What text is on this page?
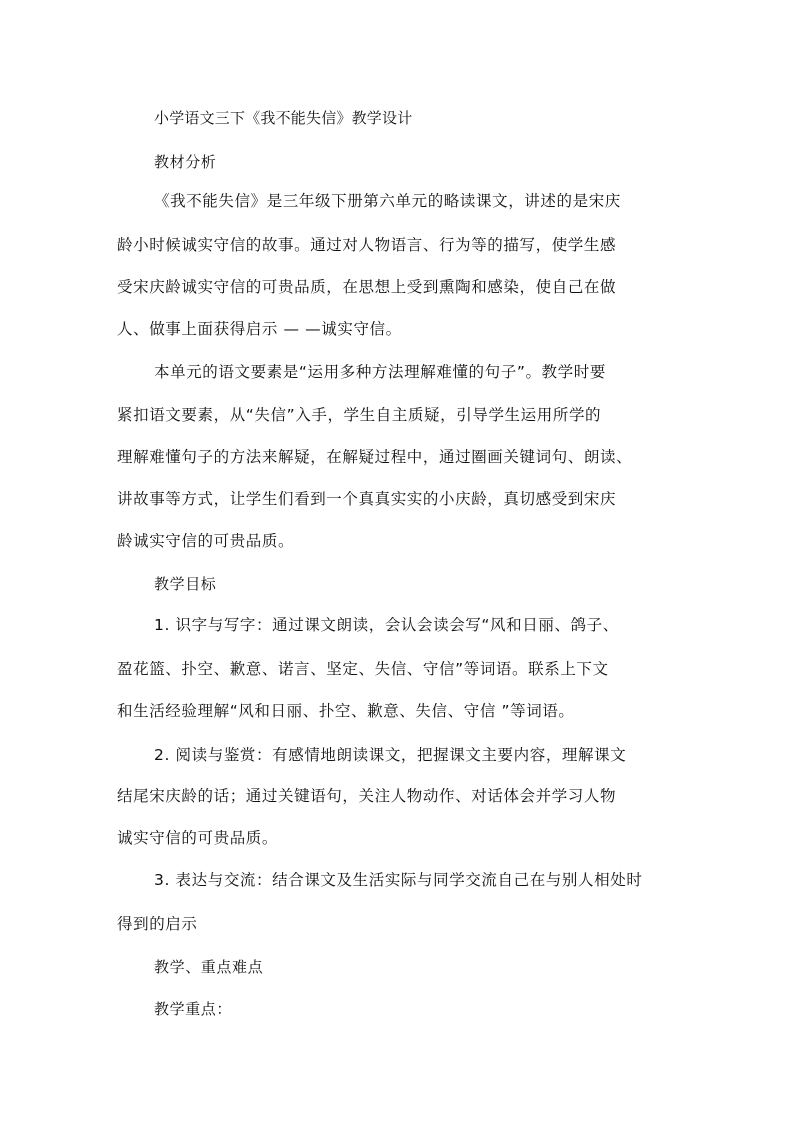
小学语文三下《我不能失信》教学设计

教材分析

《我不能失信》是三年级下册第六单元的略读课文，讲述的是宋庆

龄小时候诚实守信的故事。通过对人物语言、行为等的描写，使学生感

受宋庆龄诚实守信的可贵品质，在思想上受到熏陶和感染，使自己在做

人、做事上面获得启示 — —诚实守信。

本单元的语文要素是“运用多种方法理解难懂的句子”。教学时要

紧扣语文要素，从“失信”入手，学生自主质疑，引导学生运用所学的

理解难懂句子的方法来解疑，在解疑过程中，通过圈画关键词句、朗读、

讲故事等方式，让学生们看到一个真真实实的小庆龄，真切感受到宋庆

龄诚实守信的可贵品质。

教学目标

1. 识字与写字：通过课文朗读，会认会读会写“风和日丽、鸽子、

盈花篮、扑空、歉意、诺言、坚定、失信、守信”等词语。联系上下文

和生活经验理解“风和日丽、扑空、歉意、失信、守信 ”等词语。

2. 阅读与鉴赏：有感情地朗读课文，把握课文主要内容，理解课文

结尾宋庆龄的话；通过关键语句，关注人物动作、对话体会并学习人物

诚实守信的可贵品质。

3. 表达与交流：结合课文及生活实际与同学交流自己在与别人相处时

得到的启示

教学、重点难点

教学重点：
